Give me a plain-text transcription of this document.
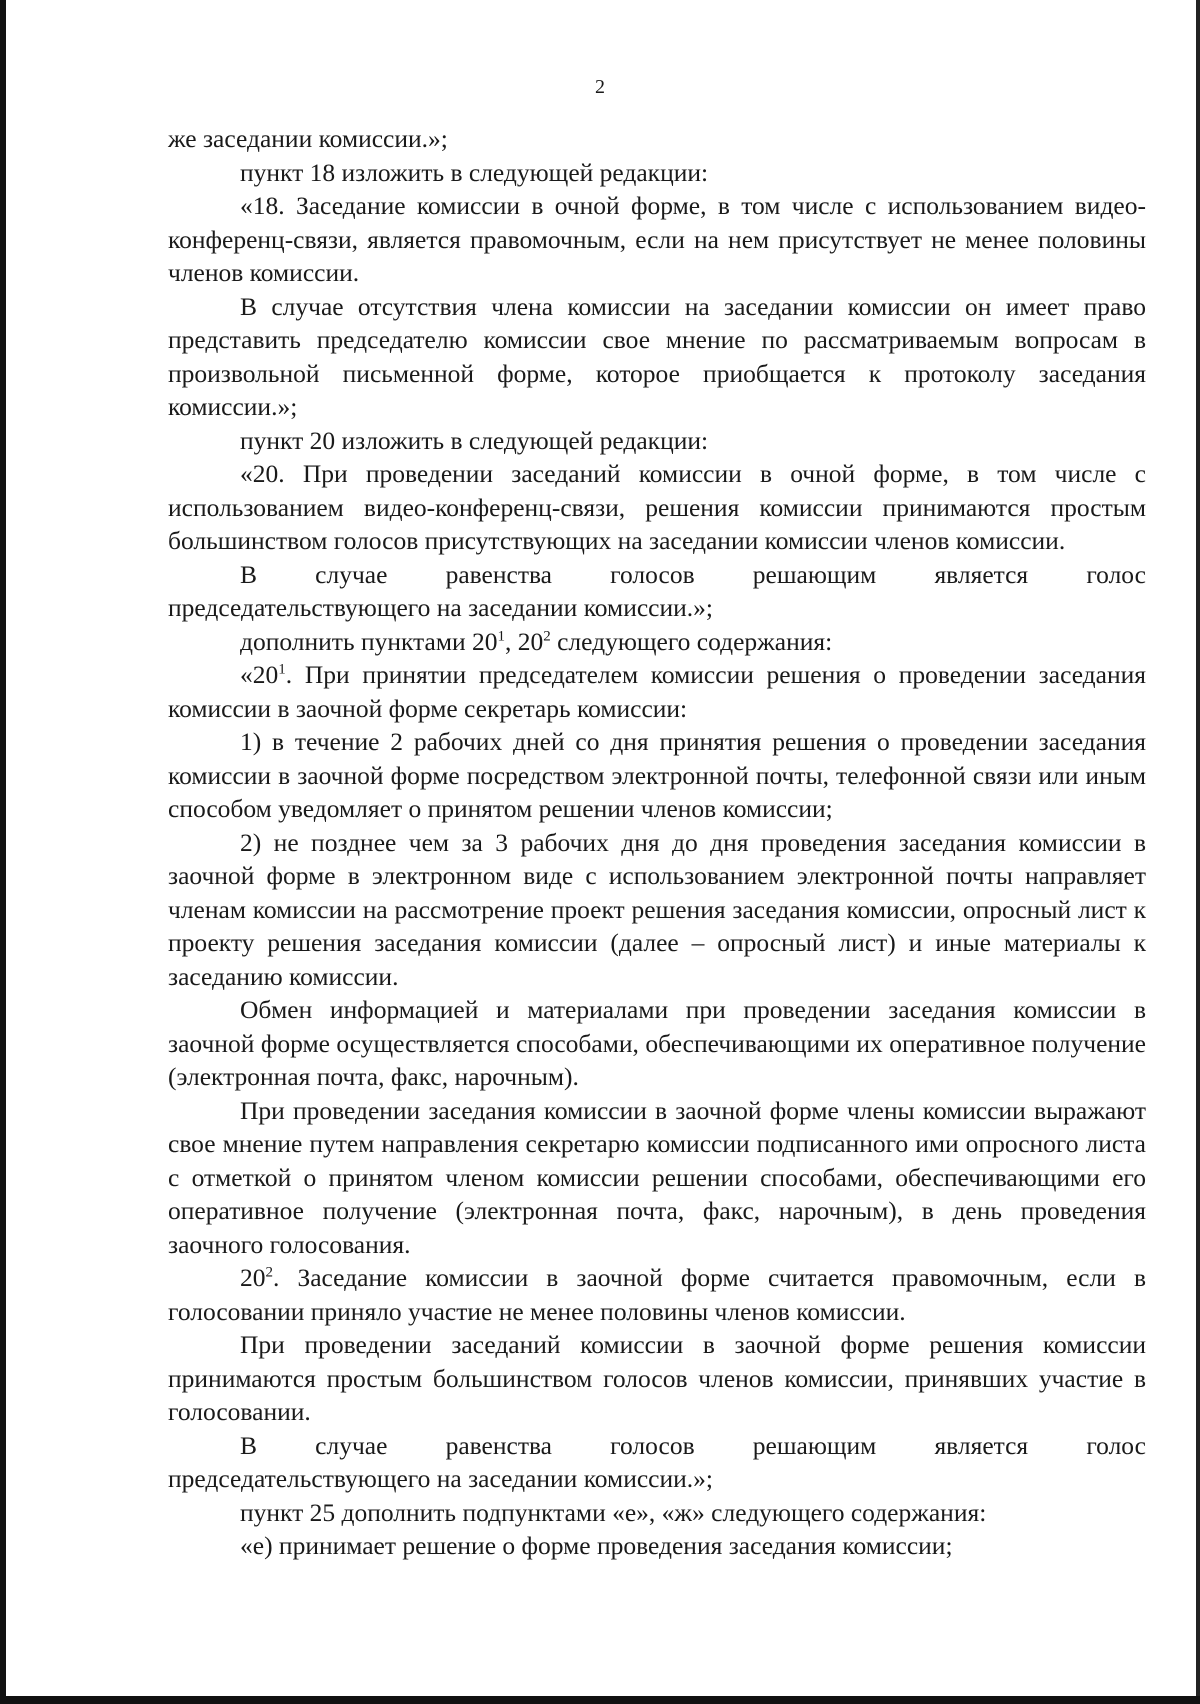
2

же заседании комиссии.»;

пункт 18 изложить в следующей редакции:

«18. Заседание комиссии в очной форме, в том числе с использованием видео-конференц-связи, является правомочным, если на нем присутствует не менее половины членов комиссии.

В случае отсутствия члена комиссии на заседании комиссии он имеет право представить председателю комиссии свое мнение по рассматриваемым вопросам в произвольной письменной форме, которое приобщается к протоколу заседания комиссии.»;

пункт 20 изложить в следующей редакции:

«20. При проведении заседаний комиссии в очной форме, в том числе с использованием видео-конференц-связи, решения комиссии принимаются простым большинством голосов присутствующих на заседании комиссии членов комиссии.

В случае равенства голосов решающим является голос

председательствующего на заседании комиссии.»;

дополнить пунктами $20^1$, $20^2$ следующего содержания:

«$20^1$. При принятии председателем комиссии решения о проведении заседания комиссии в заочной форме секретарь комиссии:

1) в течение 2 рабочих дней со дня принятия решения о проведении заседания комиссии в заочной форме посредством электронной почты, телефонной связи или иным способом уведомляет о принятом решении членов комиссии;

2) не позднее чем за 3 рабочих дня до дня проведения заседания комиссии в заочной форме в электронном виде с использованием электронной почты направляет членам комиссии на рассмотрение проект решения заседания комиссии, опросный лист к проекту решения заседания комиссии (далее – опросный лист) и иные материалы к заседанию комиссии.

Обмен информацией и материалами при проведении заседания комиссии в заочной форме осуществляется способами, обеспечивающими их оперативное получение (электронная почта, факс, нарочным).

При проведении заседания комиссии в заочной форме члены комиссии выражают свое мнение путем направления секретарю комиссии подписанного ими опросного листа с отметкой о принятом членом комиссии решении способами, обеспечивающими его оперативное получение (электронная почта, факс, нарочным), в день проведения заочного голосования.

$20^2$. Заседание комиссии в заочной форме считается правомочным, если в голосовании приняло участие не менее половины членов комиссии.

При проведении заседаний комиссии в заочной форме решения комиссии принимаются простым большинством голосов членов комиссии, принявших участие в голосовании.

В случае равенства голосов решающим является голос

председательствующего на заседании комиссии.»;

пункт 25 дополнить подпунктами «е», «ж» следующего содержания:

«е) принимает решение о форме проведения заседания комиссии;
